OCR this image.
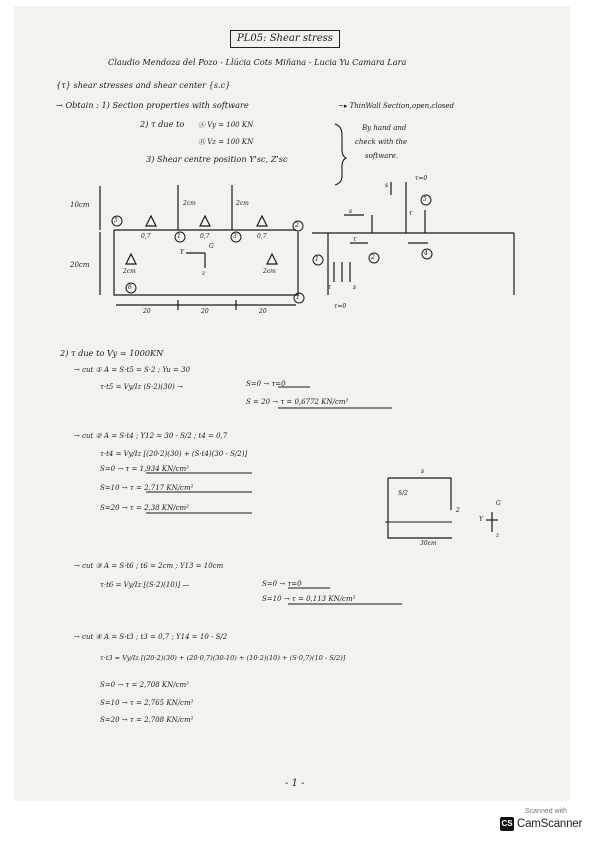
PL05: Shear stress
Claudio Mendoza del Pozo - Llúcia Cots Miñana - Lucia Yu Camara Lara
{τ} shear stresses and shear center {s.c}
→ Obtain : 1) Section properties with software	~▸ ThinWall Section,open,closed
2) τ due to Ⓐ Vy = 100 KN
Ⓑ Vz = 100 KN
By hand and
check with the
software.
3) Shear centre position Y'sc, Z'sc
10cm
20cm
2cm	2cm
2cm	2cm
0,7	0,7	0,7
20	20	20
5
1	3
2
1
6
1	2
4
5
G
Y
z
τ=0
τ=0
s
s	τ
τ
τ	s
2) τ due to Vy = 1000KN
→ cut ① A = S·t5 = S·2 ; Yu = 30
τ·t5 = Vy/Iz (S·2)(30) →	S=0 → τ=0
S = 20 → τ = 0,6772 KN/cm²
→ cut ② A = S·t4 ; Y12 = 30 - S/2 ; t4 = 0,7
τ·t4 = Vy/Iz [(20·2)(30) + (S·t4)(30 - S/2)]
S=0 → τ = 1,934 KN/cm²
S=10 → τ = 2,717 KN/cm²
S=20 → τ = 2,38 KN/cm²
s
S/2
2
G
Y
z
30cm
→ cut ③ A = S·t6 ; t6 = 2cm ; Y13 = 10cm
τ·t6 = Vy/Iz [(S·2)(10)] —	S=0 → τ=0
S=10 → τ = 0,113 KN/cm²
→ cut ④ A = S·t3 ; t3 = 0,7 ; Y14 = 10 - S/2
τ·t3 = Vy/Iz [(20·2)(30) + (20·0,7)(30-10) + (10·2)(10) + (S·0,7)(10 - S/2)]
S=0 → τ = 2,708 KN/cm²
S=10 → τ = 2,765 KN/cm²
S=20 → τ = 2,708 KN/cm²
- 1 -
Scanned with
CS CamScanner
